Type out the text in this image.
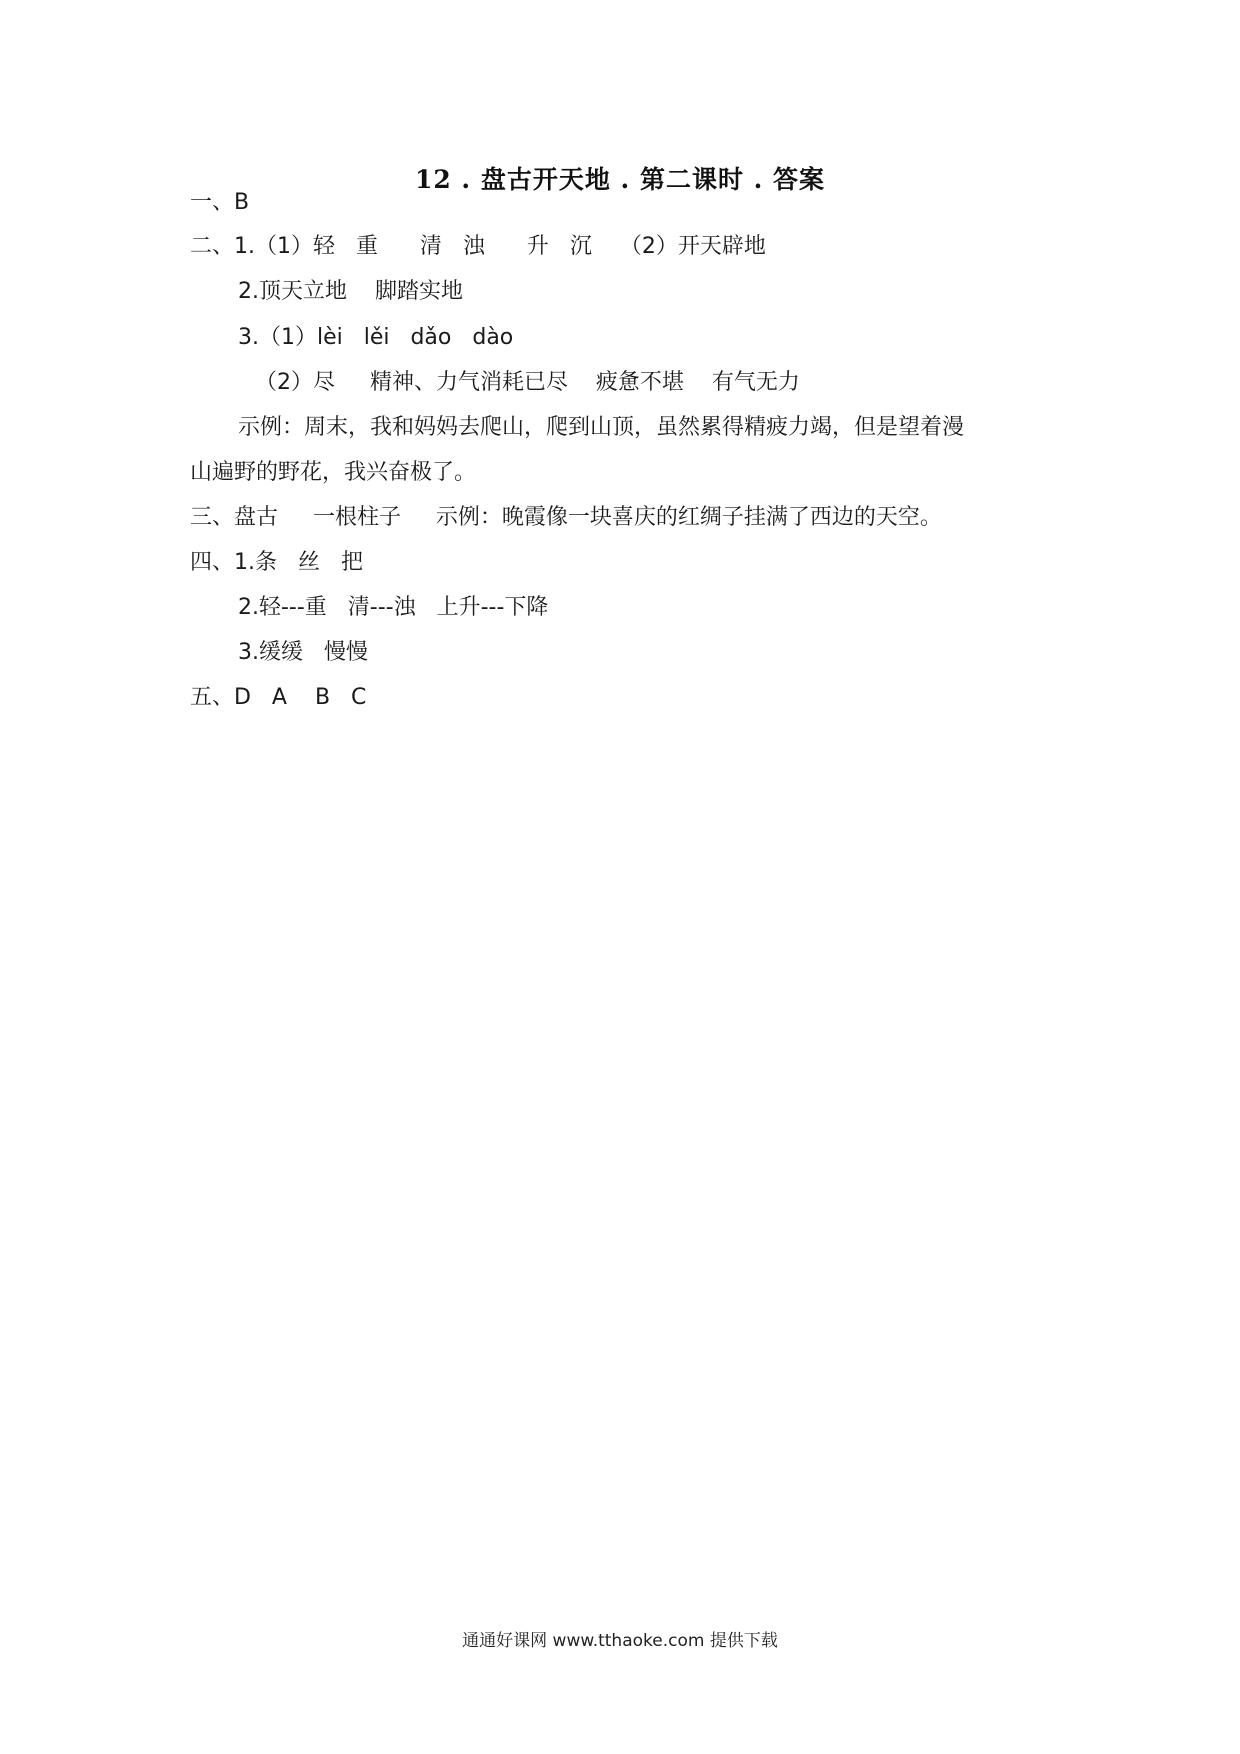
12 . 盘古开天地 . 第二课时 . 答案
一、B
二、1.（1）轻   重      清   浊      升   沉    （2）开天辟地
2.顶天立地    脚踏实地
3.（1）lèi   lěi   dǎo   dào
（2）尽     精神、力气消耗已尽    疲惫不堪    有气无力
示例：周末，我和妈妈去爬山，爬到山顶，虽然累得精疲力竭，但是望着漫
山遍野的野花，我兴奋极了。
三、盘古     一根柱子     示例：晚霞像一块喜庆的红绸子挂满了西边的天空。
四、1.条   丝   把
2.轻---重   清---浊   上升---下降
3.缓缓   慢慢
五、D   A    B   C
通通好课网 www.tthaoke.com 提供下载
